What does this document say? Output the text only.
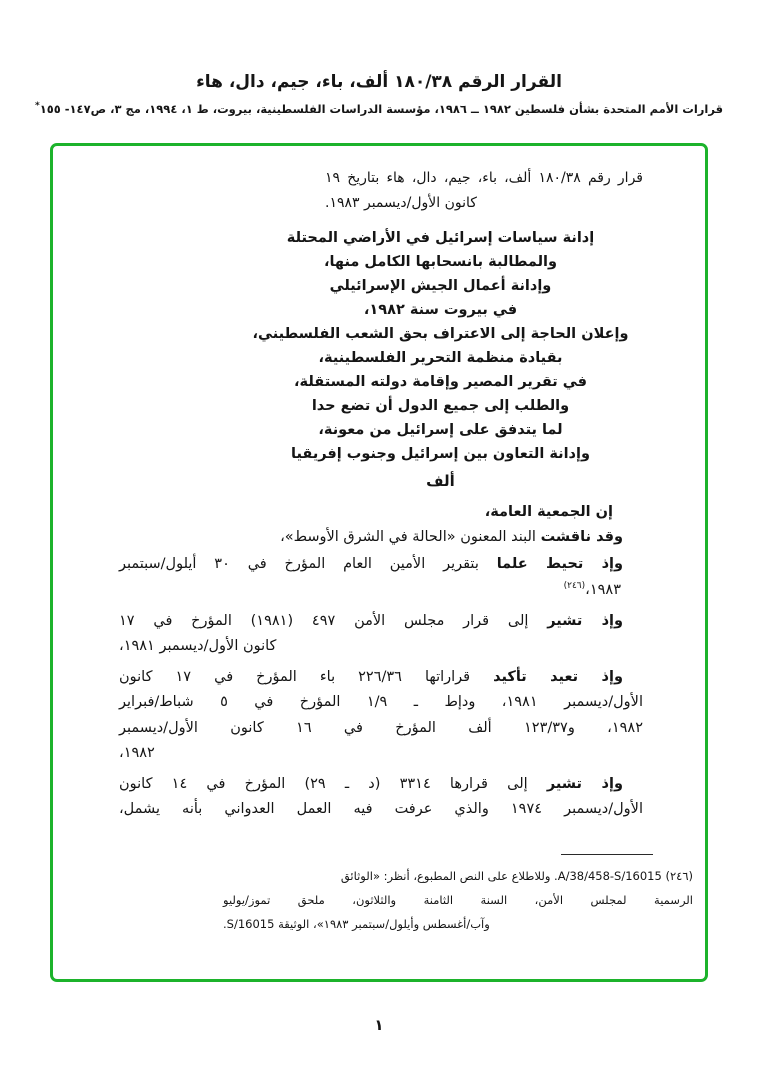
القرار الرقم ١٨٠/٣٨ ألف، باء، جيم، دال، هاء
قرارات الأمم المتحدة بشأن فلسطين ١٩٨٢ ــ ١٩٨٦، مؤسسة الدراسات الفلسطينية، بيروت، ط ١، ١٩٩٤، مج ٣، ص١٤٧- ١٥٥*
قرار رقم ١٨٠/٣٨ ألف، باء، جيم، دال، هاء بتاريخ ١٩
كانون الأول/ديسمبر ١٩٨٣.
إدانة سياسات إسرائيل في الأراضي المحتلة
والمطالبة بانسحابها الكامل منها،
وإدانة أعمال الجيش الإسرائيلي
في بيروت سنة ١٩٨٢،
وإعلان الحاجة إلى الاعتراف بحق الشعب الفلسطيني،
بقيادة منظمة التحرير الفلسطينية،
في تقرير المصير وإقامة دولته المستقلة،
والطلب إلى جميع الدول أن تضع حدا
لما يتدفق على إسرائيل من معونة،
وإدانة التعاون بين إسرائيل وجنوب إفريقيا
ألف
إن الجمعية العامة،
وقد ناقشت البند المعنون «الحالة في الشرق الأوسط»،
وإذ تحيط علما بتقرير الأمين العام المؤرخ في ٣٠ أيلول/سبتمبر
١٩٨٣،$^{(٢٤٦)}$
وإذ تشير إلى قرار مجلس الأمن ٤٩٧ (١٩٨١) المؤرخ في ١٧
كانون الأول/ديسمبر ١٩٨١،
وإذ تعيد تأكيد قراراتها ٢٢٦/٣٦ باء المؤرخ في ١٧ كانون
الأول/ديسمبر ١٩٨١، ودإط ـ ١/٩ المؤرخ في ٥ شباط/فبراير
١٩٨٢، و١٢٣/٣٧ ألف المؤرخ في ١٦ كانون الأول/ديسمبر
١٩٨٢،
وإذ تشير إلى قرارها ٣٣١٤ (د ـ ٢٩) المؤرخ في ١٤ كانون
الأول/ديسمبر ١٩٧٤ والذي عرفت فيه العمل العدواني بأنه يشمل،
(٢٤٦) A/38/458-S/16015. وللاطلاع على النص المطبوع، أنظر: «الوثائق
الرسمية لمجلس الأمن، السنة الثامنة والثلاثون، ملحق تموز/يوليو
وآب/أغسطس وأيلول/سبتمبر ١٩٨٣»، الوثيقة S/16015.
١
